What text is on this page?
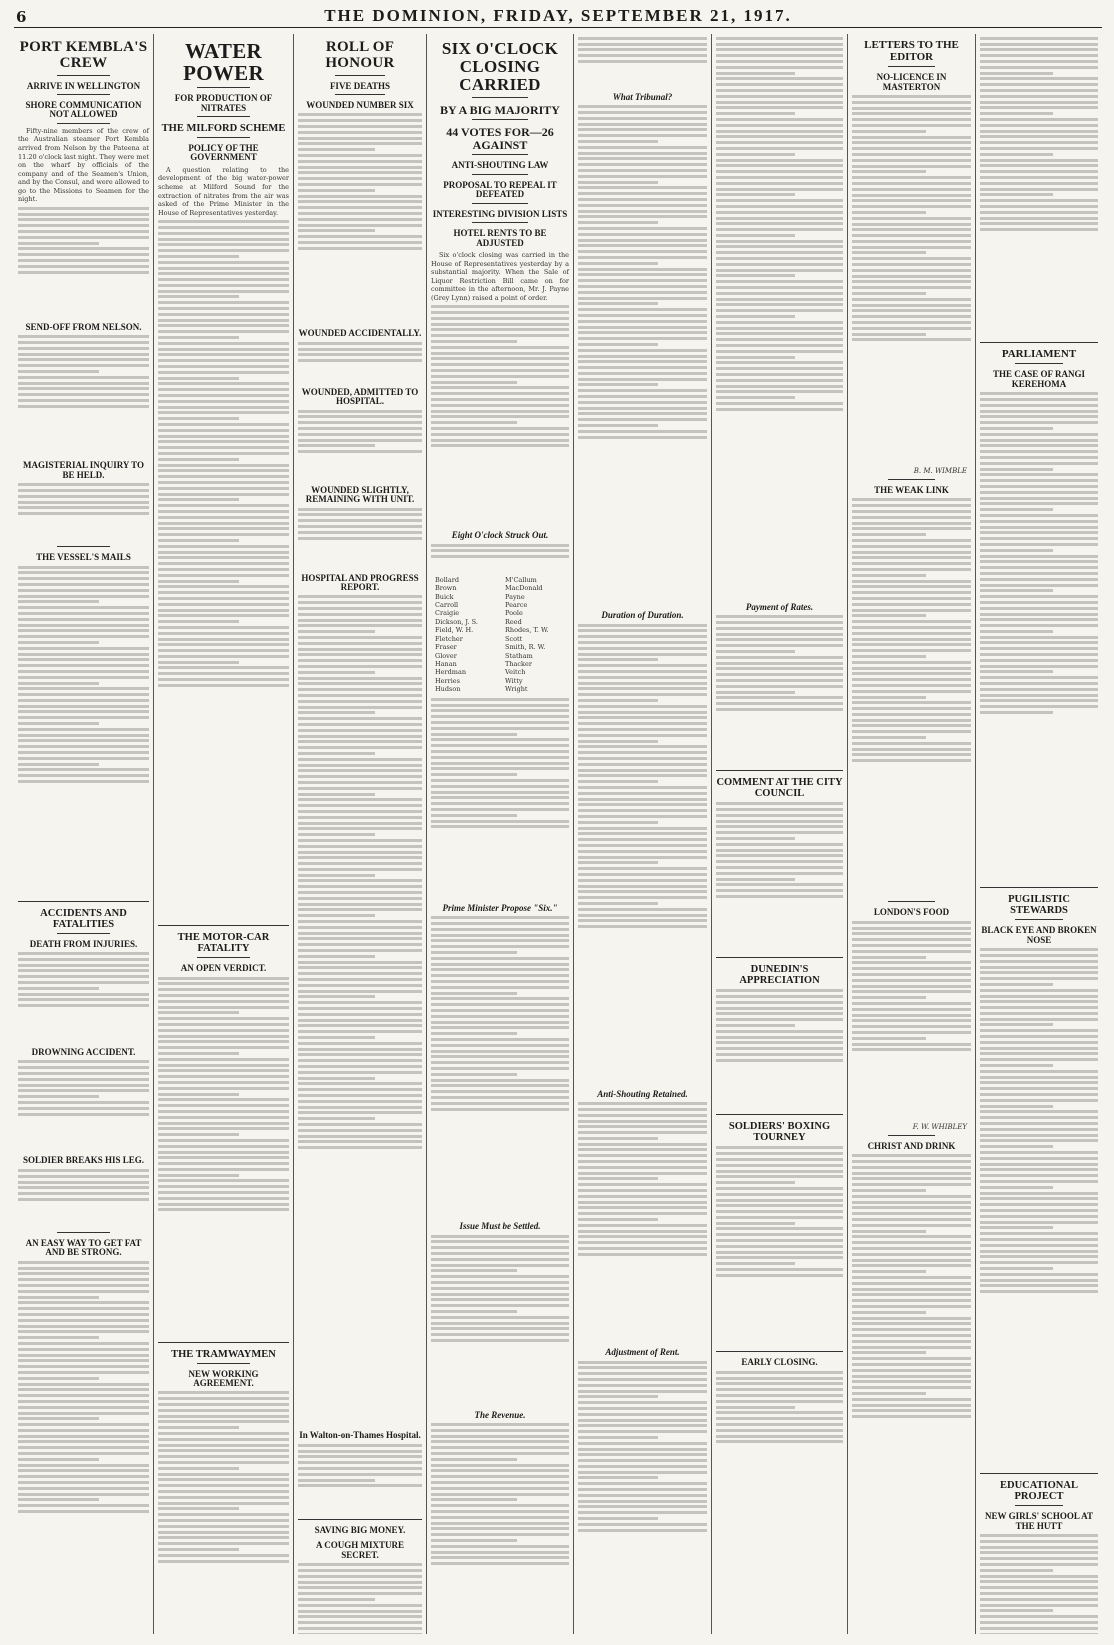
6	THE DOMINION, FRIDAY, SEPTEMBER 21, 1917.
PORT KEMBLA'S CREW
ARRIVE IN WELLINGTON
SHORE COMMUNICATION NOT ALLOWED

Fifty-nine members of the crew of the Australian steamer Port Kembla arrived from Nelson by the Pateena at 11.20 o'clock last night. They were met on the wharf by officials of the company and of the Seamen's Union, and by the Consul, and were allowed to go to the Missions to Seamen for the night.

SEND-OFF FROM NELSON.
MAGISTERIAL INQUIRY TO BE HELD.
THE VESSEL'S MAILS
ACCIDENTS AND FATALITIES
DEATH FROM INJURIES.
DROWNING ACCIDENT.
SOLDIER BREAKS HIS LEG.
AN EASY WAY TO GET FAT AND BE STRONG.
WATER POWER
FOR PRODUCTION OF NITRATES
THE MILFORD SCHEME
POLICY OF THE GOVERNMENT

A question relating to the development of the big water-power scheme at Milford Sound for the extraction of nitrates from the air was asked of the Prime Minister in the House of Representatives yesterday.

THE MOTOR-CAR FATALITY
AN OPEN VERDICT.
THE TRAMWAYMEN
NEW WORKING AGREEMENT.
ROLL OF HONOUR
FIVE DEATHS
WOUNDED NUMBER SIX
WOUNDED ACCIDENTALLY.
WOUNDED, ADMITTED TO HOSPITAL.
WOUNDED SLIGHTLY, REMAINING WITH UNIT.
HOSPITAL AND PROGRESS REPORT.
In Walton-on-Thames Hospital.
SAVING BIG MONEY.
A COUGH MIXTURE SECRET.
SIX O'CLOCK CLOSING CARRIED
BY A BIG MAJORITY
44 VOTES FOR—26 AGAINST
ANTI-SHOUTING LAW
PROPOSAL TO REPEAL IT DEFEATED
INTERESTING DIVISION LISTS
HOTEL RENTS TO BE ADJUSTED

Six o'clock closing was carried in the House of Representatives yesterday by a substantial majority. When the Sale of Liquor Restriction Bill came on for committee in the afternoon, Mr. J. Payne (Grey Lynn) raised a point of order.

Eight O'clock Struck Out.
Bollard
Brown
Buick
Carroll
Craigie
Dickson, J. S.
Field, W. H.
Fletcher
Fraser
Glover
Hanan
Herdman
Herries
Hudson
M'Callum
MacDonald
Payne
Pearce
Poole
Reed
Rhodes, T. W.
Scott
Smith, R. W.
Statham
Thacker
Veitch
Witty
Wright
Prime Minister Propose "Six."
Issue Must be Settled.
The Revenue.
What Tribunal?
Duration of Duration.
Anti-Shouting Retained.
Adjustment of Rent.
Payment of Rates.
COMMENT AT THE CITY COUNCIL
DUNEDIN'S APPRECIATION
SOLDIERS' BOXING TOURNEY
EARLY CLOSING.
LETTERS TO THE EDITOR
NO-LICENCE IN MASTERTON
B. M. WIMBLE
THE WEAK LINK
LONDON'S FOOD
F. W. WHIBLEY
CHRIST AND DRINK
PARLIAMENT
THE CASE OF RANGI KEREHOMA
PUGILISTIC STEWARDS
BLACK EYE AND BROKEN NOSE
EDUCATIONAL PROJECT
NEW GIRLS' SCHOOL AT THE HUTT
